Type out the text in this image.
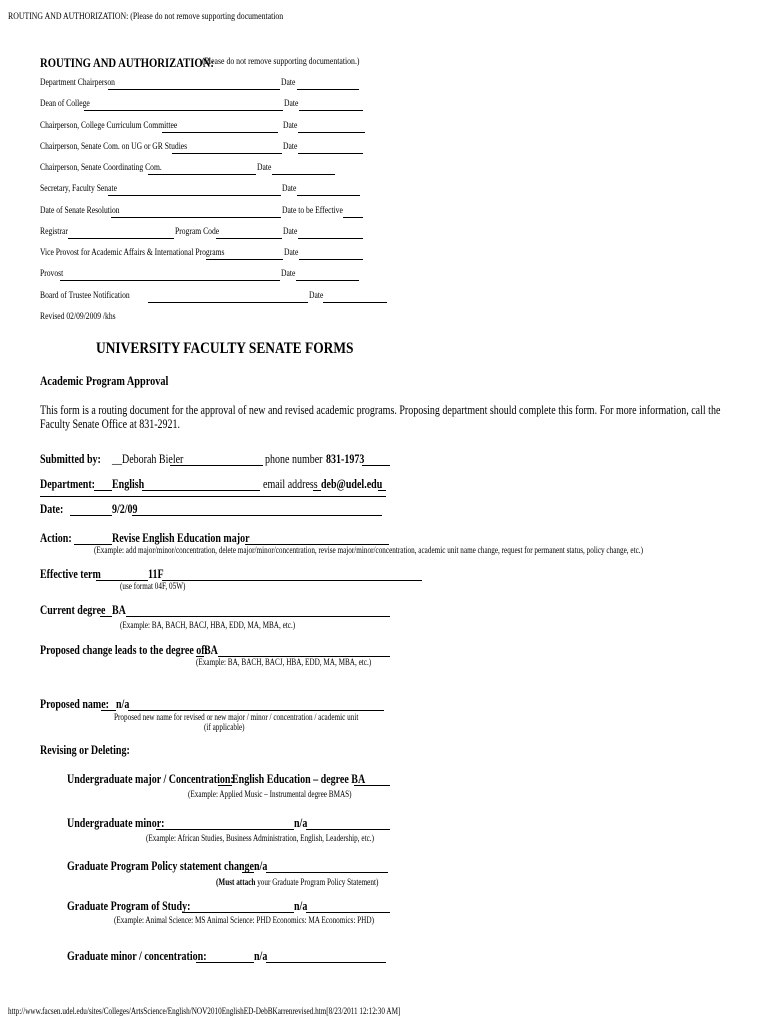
ROUTING AND AUTHORIZATION: (Please do not remove supporting documentation
ROUTING AND AUTHORIZATION:
(Please do not remove supporting documentation.)
Department Chairperson	Date
Dean of College	Date
Chairperson, College Curriculum Committee	Date
Chairperson, Senate Com. on UG or GR Studies	Date
Chairperson, Senate Coordinating Com.	Date
Secretary, Faculty Senate	Date
Date of Senate Resolution	Date to be Effective
Registrar	Program Code	Date
Vice Provost for Academic Affairs & International Programs	Date
Provost	Date
Board of Trustee Notification	Date
Revised 02/09/2009 /khs
UNIVERSITY FACULTY SENATE FORMS
Academic Program Approval
This form is a routing document for the approval of new and revised academic programs. Proposing department should complete this form. For more information, call the Faculty Senate Office at 831-2921.
Submitted by: __Deborah Bieler	phone number 831-1973
Department:	English	email address deb@udel.edu
Date:	9/2/09
Action:	Revise English Education major
(Example: add major/minor/concentration, delete major/minor/concentration, revise major/minor/concentration, academic unit name change, request for permanent status, policy change, etc.)
Effective term	11F
(use format 04F, 05W)
Current degree BA
(Example: BA, BACH, BACJ, HBA, EDD, MA, MBA, etc.)
Proposed change leads to the degree of:
BA
(Example: BA, BACH, BACJ, HBA, EDD, MA, MBA, etc.)
Proposed name: n/a
Proposed new name for revised or new major / minor / concentration / academic unit
(if applicable)
Revising or Deleting:
Undergraduate major / Concentration:
English Education – degree BA
(Example: Applied Music – Instrumental degree BMAS)
Undergraduate minor:	n/a
(Example: African Studies, Business Administration, English, Leadership, etc.)
Graduate Program Policy statement change:
n/a
(Must attach your Graduate Program Policy Statement)
Graduate Program of Study:	n/a
(Example: Animal Science: MS Animal Science: PHD Economics: MA Economics: PHD)
Graduate minor / concentration:	n/a
http://www.facsen.udel.edu/sites/Colleges/ArtsScience/English/NOV2010EnglishED-DebBKarrenrevised.htm[8/23/2011 12:12:30 AM]
